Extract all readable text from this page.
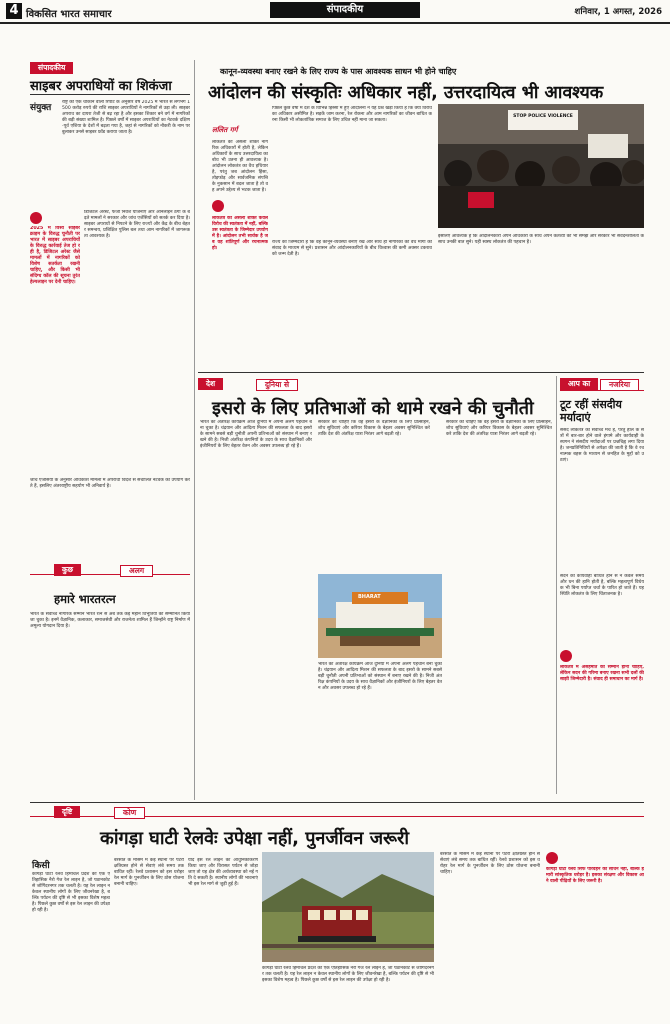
4 विकसित भारत समाचार	संपादकीय	शनिवार, 1 अगस्त, 2026
संपादकीय
साइबर अपराधियों का शिकंजा
संयुक्त
राष्ट्र की एक चौकानें वाली रिपोर्ट के अनुसार वर्ष 2025 में भारत से लगभग 1500 करोड़ रुपये की राशि साइबर अपराधियों ने नागरिकों से उड़ा ली। साइबर अपराध का दायरा तेजी से बढ़ रहा है और इसका शिकार बने वर्ग में नागरिकों की बड़ी संख्या शामिल है। पिछले वर्षों में साइबर अपराधियों का नेटवर्क दक्षिण-पूर्व एशिया के देशों में बढ़ता गया है, जहां से नागरिकों को नौकरी के नाम पर बुलाकर उनसे साइबर फ्रॉड कराया जाता है।
2025 में विश्व साइबर क्राइम के विरुद्ध चुनौती पर भारत में साइबर अपराधियों के विरुद्ध कार्रवाई तेज हो रही है, डिजिटल अरेस्ट जैसे मामलों में नागरिकों को विशेष सतर्कता रखनी चाहिए, और किसी भी संदिग्ध कॉल की सूचना तुरंत हेल्पलाइन पर देनी चाहिए।
डिजिटल अरेस्ट, फर्जी निवेश योजनाएं और ऑनलाइन ठगी के बढ़ते मामलों ने सरकार और जांच एजेंसियों को सतर्क कर दिया है। साइबर अपराधों से निपटने के लिए राज्यों और केंद्र के बीच बेहतर समन्वय, प्रशिक्षित पुलिस बल तथा आम नागरिकों में जागरूकता आवश्यक है।
जांच एजेंसियों के अनुसार अधिकांश मामलों में अपराधी विदेश से संचालित नेटवर्क का उपयोग करते हैं, इसलिए अंतरराष्ट्रीय सहयोग भी अनिवार्य है।
कुछ	अलग
हमारे भारतरत्न
भारत के सर्वोच्च नागरिक सम्मान भारत रत्न से अब तक कई महान विभूतियों को सम्मानित किया जा चुका है। इनमें वैज्ञानिक, कलाकार, समाजसेवी और राजनेता शामिल हैं जिन्होंने राष्ट्र निर्माण में अमूल्य योगदान दिया है।
कानून-व्यवस्था बनाए रखने के लिए राज्य के पास आवश्यक साधन भी होने चाहिए
आंदोलन की संस्कृतिः अधिकार नहीं, उत्तरदायित्व भी आवश्यक
ललित गर्ग
STOP POLICE VIOLENCE
लोकतंत्र की असली शक्ति नागरिक अधिकारों में होती है, लेकिन अधिकारों के साथ उत्तरदायित्व का बोध भी उतना ही आवश्यक है। आंदोलन लोकतंत्र का वैध हथियार है, परंतु जब आंदोलन हिंसा, तोड़फोड़ और सार्वजनिक संपत्ति के नुकसान में बदल जाता है तो वह अपने उद्देश्य से भटक जाता है।
पिछले कुछ वर्षों में देश के विभिन्न हिस्सों में हुए आंदोलनों ने यह प्रश्न खड़ा किया है कि क्या विरोध का अधिकार असीमित है। सड़कें जाम करना, रेल रोकना और आम नागरिकों का जीवन बाधित करना किसी भी लोकतांत्रिक समाज के लिए उचित नहीं माना जा सकता।
लोकतंत्र की असली शक्ति केवल विरोध की स्वतंत्रता में नहीं, बल्कि उस स्वतंत्रता के जिम्मेदार उपयोग में है। आंदोलन तभी सार्थक है जब वह शांतिपूर्ण और रचनात्मक हो।
राज्य की जिम्मेदारी है कि वह कानून-व्यवस्था बनाए रखे और साथ ही नागरिकों की वैध मांगों को संवाद के माध्यम से सुने। प्रशासन और आंदोलनकारियों के बीच विश्वास की कमी अक्सर टकराव को जन्म देती है।
इसलिए आवश्यक है कि आंदोलनकारी अपने अधिकारों के साथ अपने कर्तव्यों को भी समझें और सरकार भी संवेदनशीलता के साथ उनकी बात सुने। यही स्वस्थ लोकतंत्र की पहचान है।
देश	दुनिया से
इसरो के लिए प्रतिभाओं को थामे रखने की चुनौती
भारत का अंतरिक्ष कार्यक्रम आज दुनिया में अपनी अलग पहचान बना चुका है। चंद्रयान और आदित्य मिशन की सफलता के बाद इसरो के सामने सबसे बड़ी चुनौती अपनी प्रतिभाओं को संस्थान में बनाए रखने की है। निजी अंतरिक्ष कंपनियों के उदय के साथ वैज्ञानिकों और इंजीनियरों के लिए बेहतर वेतन और अवसर उपलब्ध हो रहे हैं।
सरकार को चाहिए कि वह इसरो के वैज्ञानिकों के लिए प्रोत्साहन, शोध सुविधाएं और करियर विकास के बेहतर अवसर सुनिश्चित करे ताकि देश की अंतरिक्ष यात्रा निरंतर आगे बढ़ती रहे।
BHARAT
भारत का अंतरिक्ष कार्यक्रम आज दुनिया में अपनी अलग पहचान बना चुका है। चंद्रयान और आदित्य मिशन की सफलता के बाद इसरो के सामने सबसे बड़ी चुनौती अपनी प्रतिभाओं को संस्थान में बनाए रखने की है। निजी अंतरिक्ष कंपनियों के उदय के साथ वैज्ञानिकों और इंजीनियरों के लिए बेहतर वेतन और अवसर उपलब्ध हो रहे हैं।
सरकार को चाहिए कि वह इसरो के वैज्ञानिकों के लिए प्रोत्साहन, शोध सुविधाएं और करियर विकास के बेहतर अवसर सुनिश्चित करे ताकि देश की अंतरिक्ष यात्रा निरंतर आगे बढ़ती रहे।
आप का	नजरिया
टूट रहीं संसदीय मर्यादाएं
संसद लोकतंत्र का सर्वोच्च मंच है, परंतु हाल के सत्रों में बार-बार होने वाले हंगामे और कार्यवाही के स्थगन ने संसदीय मर्यादाओं पर प्रश्नचिह्न लगा दिया है। जनप्रतिनिधियों से अपेक्षा की जाती है कि वे रचनात्मक बहस के माध्यम से जनहित के मुद्दों को उठाएं।
सदन की कार्यवाही बाधित होने से न केवल समय और धन की हानि होती है, बल्कि महत्वपूर्ण विधेयक भी बिना पर्याप्त चर्चा के पारित हो जाते हैं। यह स्थिति लोकतंत्र के लिए चिंताजनक है।
लोकतंत्र में असहमति का सम्मान होना चाहिए, लेकिन सदन की गरिमा बनाए रखना सभी दलों की साझी जिम्मेदारी है। संवाद ही समाधान का मार्ग है।
दृष्टि	कोण
कांगड़ा घाटी रेलवेः उपेक्षा नहीं, पुनर्जीवन जरूरी
किसी
कांगड़ा घाटी रेलवे हिमाचल प्रदेश की एक ऐतिहासिक नैरो गेज रेल लाइन है, जो पठानकोट से जोगिंदरनगर तक चलती है। यह रेल लाइन न केवल स्थानीय लोगों के लिए जीवनरेखा है, बल्कि पर्यटन की दृष्टि से भी इसका विशेष महत्व है। पिछले कुछ वर्षों से इस रेल लाइन की उपेक्षा हो रही है।
बरसात के मौसम में कई स्थानों पर पटरी क्षतिग्रस्त होने से सेवाएं लंबे समय तक बाधित रहीं। रेलवे प्रशासन को इस धरोहर रेल मार्ग के पुनर्जीवन के लिए ठोस योजना बनानी चाहिए।
यदि इस रेल लाइन का आधुनिकीकरण किया जाए और विरासत पर्यटन से जोड़ा जाए तो यह क्षेत्र की अर्थव्यवस्था को नई गति दे सकती है। स्थानीय लोगों की भावनाएं भी इस रेल मार्ग से जुड़ी हुई हैं।
कांगड़ा घाटी रेलवे हिमाचल प्रदेश की एक ऐतिहासिक नैरो गेज रेल लाइन है, जो पठानकोट से जोगिंदरनगर तक चलती है। यह रेल लाइन न केवल स्थानीय लोगों के लिए जीवनरेखा है, बल्कि पर्यटन की दृष्टि से भी इसका विशेष महत्व है। पिछले कुछ वर्षों से इस रेल लाइन की उपेक्षा हो रही है।
बरसात के मौसम में कई स्थानों पर पटरी क्षतिग्रस्त होने से सेवाएं लंबे समय तक बाधित रहीं। रेलवे प्रशासन को इस धरोहर रेल मार्ग के पुनर्जीवन के लिए ठोस योजना बनानी चाहिए।
कांगड़ा घाटी रेलवे सिर्फ परिवहन का साधन नहीं, बल्कि हमारी सांस्कृतिक धरोहर है। इसका संरक्षण और विकास आने वाली पीढ़ियों के लिए जरूरी है।
